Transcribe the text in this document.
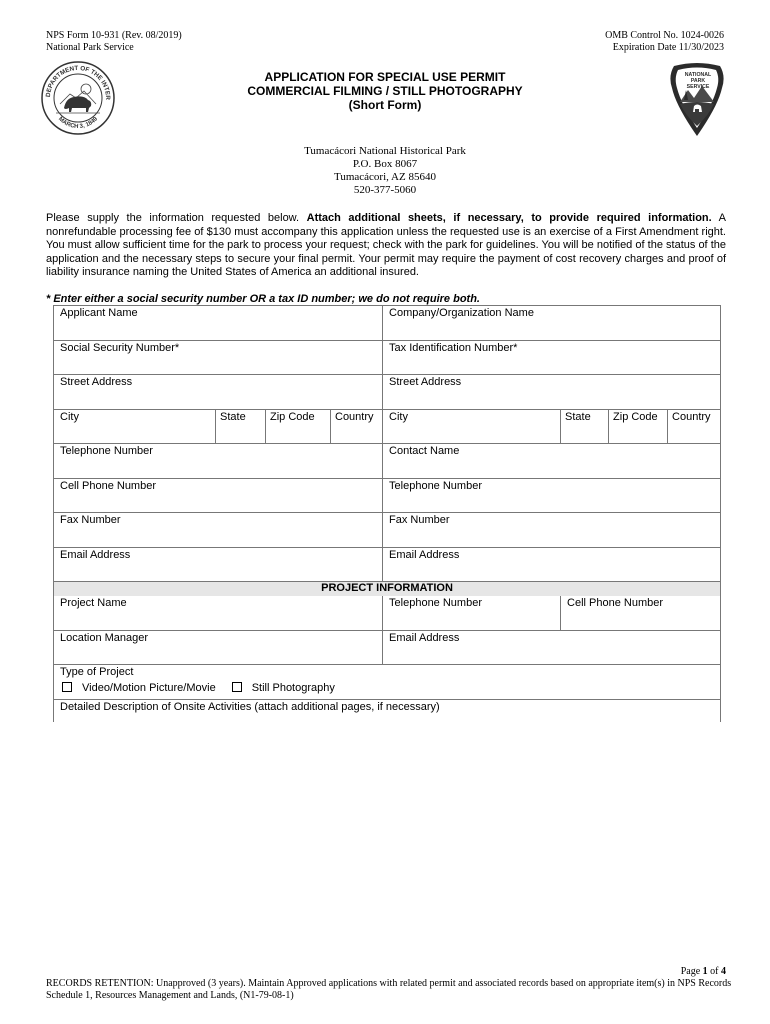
NPS Form 10-931 (Rev. 08/2019)
National Park Service
OMB Control No. 1024-0026
Expiration Date 11/30/2023
DEPARTMENT OF THE INTER
MARCH 3, 1849
NATIONAL
PARK
SERVICE
APPLICATION FOR SPECIAL USE PERMIT
COMMERCIAL FILMING / STILL PHOTOGRAPHY
(Short Form)
Tumacácori National Historical Park
P.O. Box 8067
Tumacácori, AZ 85640
520-377-5060
Please supply the information requested below. Attach additional sheets, if necessary, to provide required information. A nonrefundable processing fee of $130 must accompany this application unless the requested use is an exercise of a First Amendment right. You must allow sufficient time for the park to process your request; check with the park for guidelines. You will be notified of the status of the application and the necessary steps to secure your final permit. Your permit may require the payment of cost recovery charges and proof of liability insurance naming the United States of America an additional insured.
* Enter either a social security number OR a tax ID number; we do not require both.
Applicant Name				Company/Organization Name			
Social Security Number*				Tax Identification Number*			
Street Address				Street Address			
City	State	Zip Code	Country	City	State	Zip Code	Country
Telephone Number				Contact Name			
Cell Phone Number				Telephone Number			
Fax Number				Fax Number			
Email Address				Email Address			
PROJECT INFORMATION							
Project Name				Telephone Number	Cell Phone Number		
Location Manager				Email Address			

Type of Project
Video/Motion Picture/Movie Still Photography							

Detailed Description of Onsite Activities (attach additional pages, if necessary)							
Page 1 of 4
RECORDS RETENTION: Unapproved (3 years). Maintain Approved applications with related permit and associated records based on appropriate item(s) in NPS Records Schedule 1, Resources Management and Lands, (N1-79-08-1)
